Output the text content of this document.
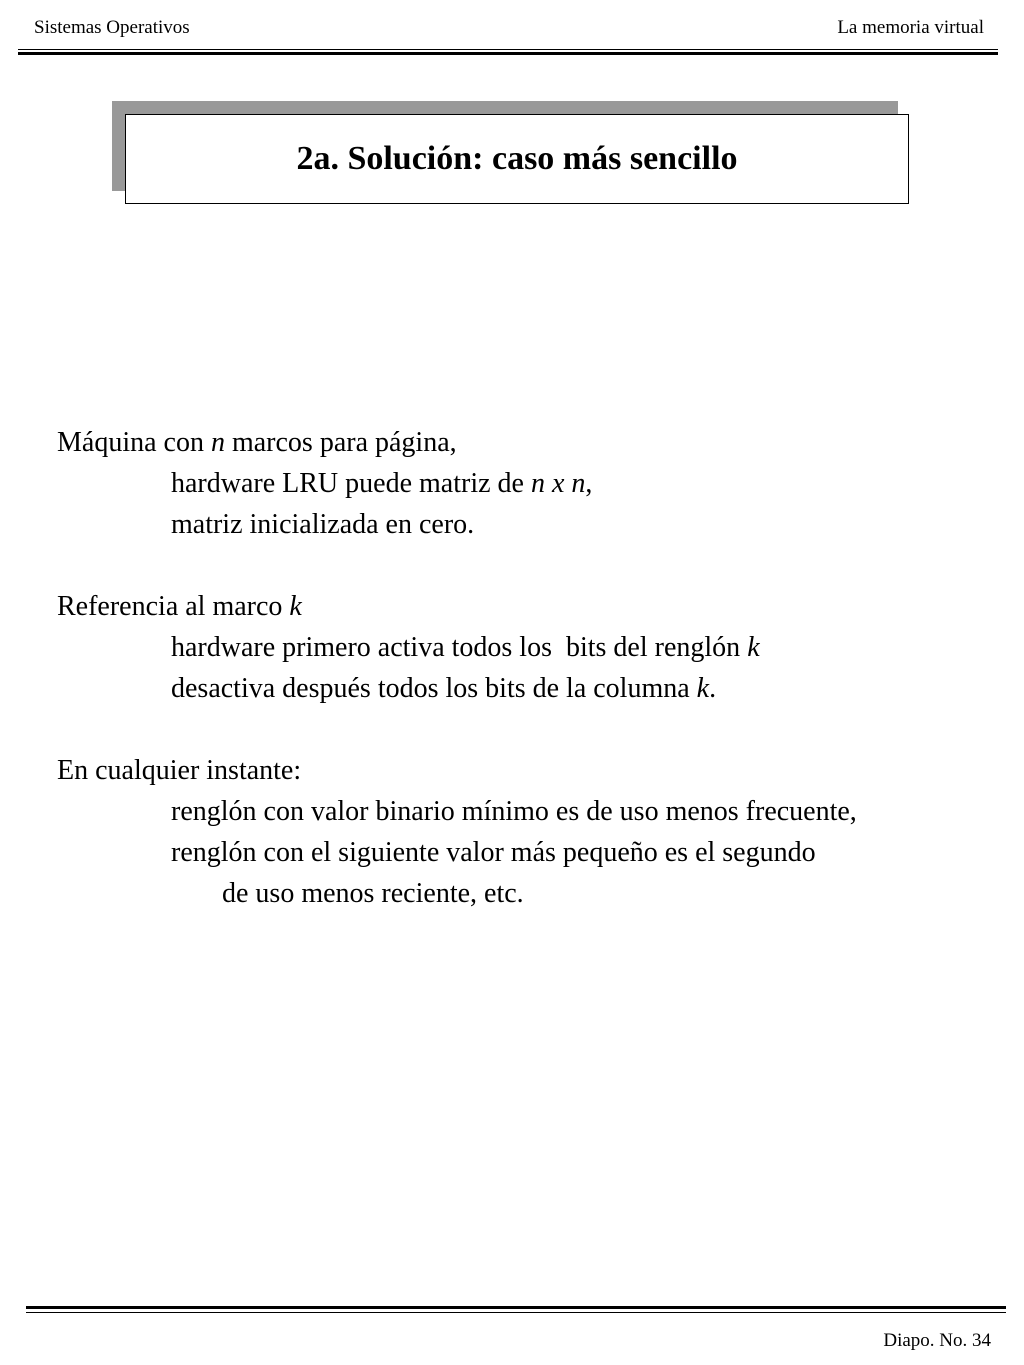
Sistemas Operativos	La memoria virtual
2a. Solución: caso más sencillo
Máquina con n marcos para página,
hardware LRU puede matriz de n x n,
matriz inicializada en cero.
Referencia al marco k
hardware primero activa todos los  bits del renglón k
desactiva después todos los bits de la columna k.
En cualquier instante:
renglón con valor binario mínimo es de uso menos frecuente,
renglón con el siguiente valor más pequeño es el segundo
de uso menos reciente, etc.
Diapo. No. 34
